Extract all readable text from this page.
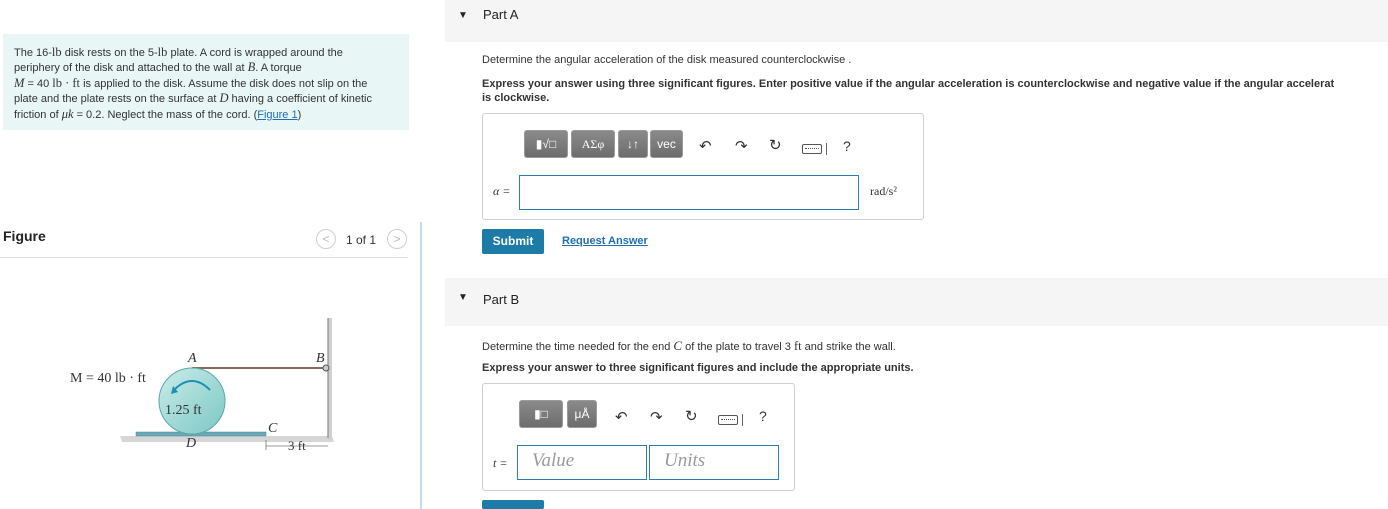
The 16-lb disk rests on the 5-lb plate. A cord is wrapped around the
periphery of the disk and attached to the wall at B. A torque
M = 40 lb · ft is applied to the disk. Assume the disk does not slip on the
plate and the plate rests on the surface at D having a coefficient of kinetic
friction of μk = 0.2. Neglect the mass of the cord. (Figure 1)
Figure	<	1 of 1	>
M = 40 lb · ft
A	B
1.25 ft
C
D	3 ft
▼ Part A
Determine the angular acceleration of the disk measured counterclockwise .
Express your answer using three significant figures. Enter positive value if the angular acceleration is counterclockwise and negative value if the angular accelerat
is clockwise.
▮√□	ΑΣφ	↓↑	vec	↶ ↷ ↻	?
α =	rad/s²
Submit	Request Answer
▼ Part B
Determine the time needed for the end C of the plate to travel 3 ft and strike the wall.
Express your answer to three significant figures and include the appropriate units.
▮□	μÅ	↶ ↷ ↻	?
t = Value	Units
